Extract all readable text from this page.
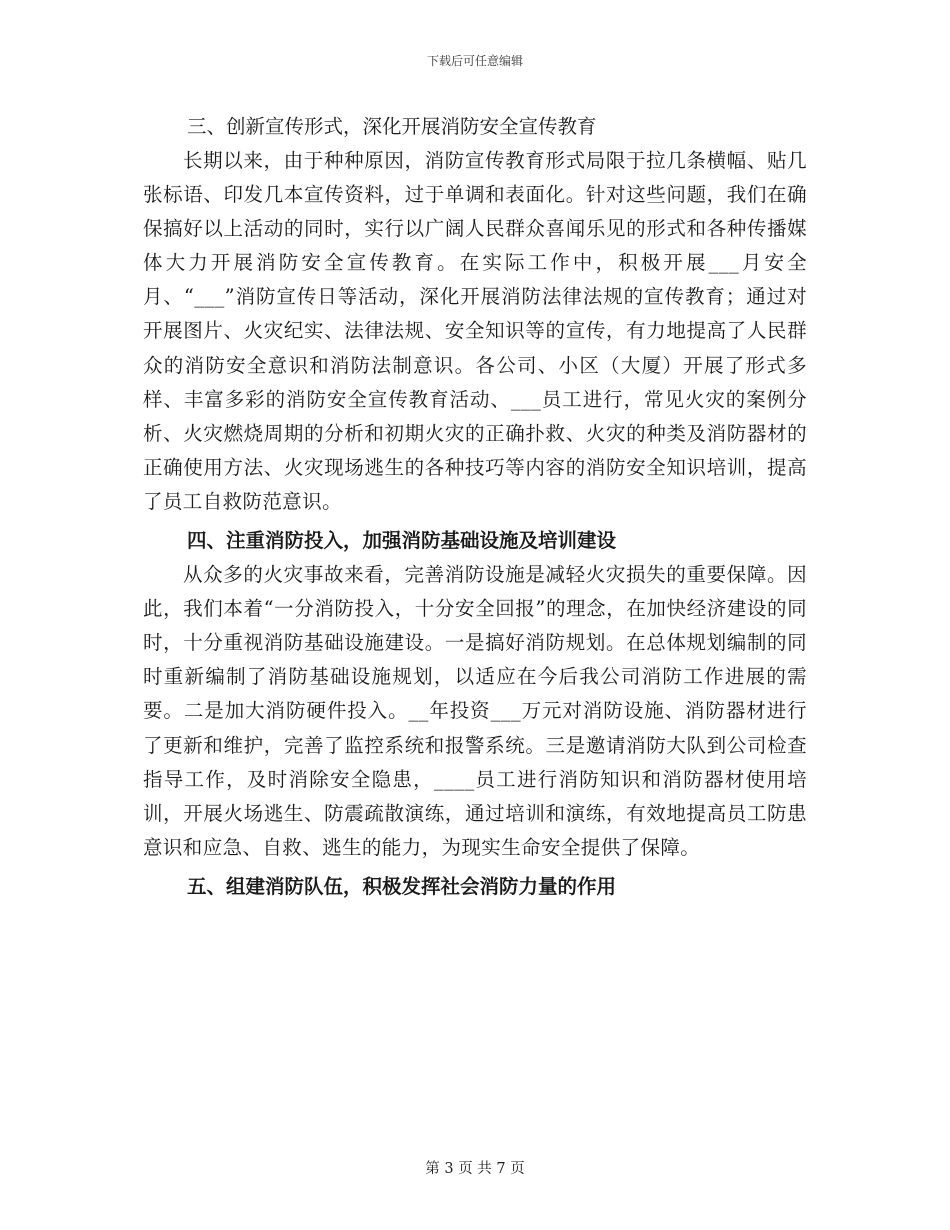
下载后可任意编辑
三、创新宣传形式，深化开展消防安全宣传教育

长期以来，由于种种原因，消防宣传教育形式局限于拉几条横幅、贴几张标语、印发几本宣传资料，过于单调和表面化。针对这些问题，我们在确保搞好以上活动的同时，实行以广阔人民群众喜闻乐见的形式和各种传播媒体大力开展消防安全宣传教育。在实际工作中，积极开展___月安全月、“___”消防宣传日等活动，深化开展消防法律法规的宣传教育；通过对开展图片、火灾纪实、法律法规、安全知识等的宣传，有力地提高了人民群众的消防安全意识和消防法制意识。各公司、小区（大厦）开展了形式多样、丰富多彩的消防安全宣传教育活动、___员工进行，常见火灾的案例分析、火灾燃烧周期的分析和初期火灾的正确扑救、火灾的种类及消防器材的正确使用方法、火灾现场逃生的各种技巧等内容的消防安全知识培训，提高了员工自救防范意识。

四、注重消防投入，加强消防基础设施及培训建设

从众多的火灾事故来看，完善消防设施是减轻火灾损失的重要保障。因此，我们本着“一分消防投入，十分安全回报”的理念，在加快经济建设的同时，十分重视消防基础设施建设。一是搞好消防规划。在总体规划编制的同时重新编制了消防基础设施规划，以适应在今后我公司消防工作进展的需要。二是加大消防硬件投入。__年投资___万元对消防设施、消防器材进行了更新和维护，完善了监控系统和报警系统。三是邀请消防大队到公司检查指导工作，及时消除安全隐患，____员工进行消防知识和消防器材使用培训，开展火场逃生、防震疏散演练，通过培训和演练，有效地提高员工防患意识和应急、自救、逃生的能力，为现实生命安全提供了保障。

五、组建消防队伍，积极发挥社会消防力量的作用
第 3 页 共 7 页
